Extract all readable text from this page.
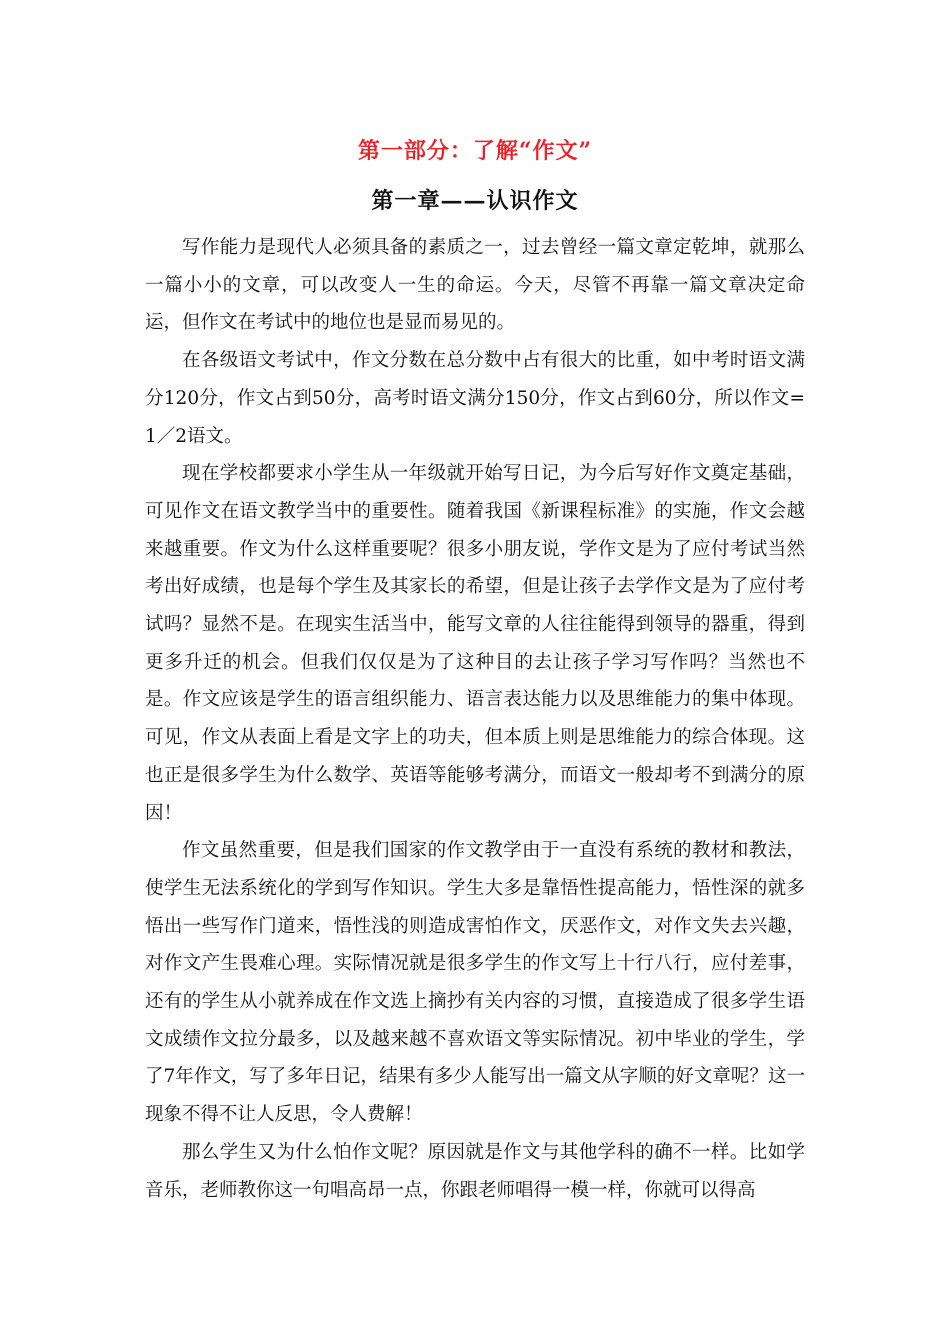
第一部分：了解“作文”
第一章——认识作文

写作能力是现代人必须具备的素质之一，过去曾经一篇文章定乾坤，就那么一篇小小的文章，可以改变人一生的命运。今天，尽管不再靠一篇文章决定命运，但作文在考试中的地位也是显而易见的。

在各级语文考试中，作文分数在总分数中占有很大的比重，如中考时语文满分120分，作文占到50分，高考时语文满分150分，作文占到60分，所以作文=1／2语文。

现在学校都要求小学生从一年级就开始写日记，为今后写好作文奠定基础，可见作文在语文教学当中的重要性。随着我国《新课程标准》的实施，作文会越来越重要。作文为什么这样重要呢？很多小朋友说，学作文是为了应付考试当然考出好成绩，也是每个学生及其家长的希望，但是让孩子去学作文是为了应付考试吗？显然不是。在现实生活当中，能写文章的人往往能得到领导的器重，得到更多升迁的机会。但我们仅仅是为了这种目的去让孩子学习写作吗？当然也不是。作文应该是学生的语言组织能力、语言表达能力以及思维能力的集中体现。可见，作文从表面上看是文字上的功夫，但本质上则是思维能力的综合体现。这也正是很多学生为什么数学、英语等能够考满分，而语文一般却考不到满分的原因！

作文虽然重要，但是我们国家的作文教学由于一直没有系统的教材和教法，使学生无法系统化的学到写作知识。学生大多是靠悟性提高能力，悟性深的就多悟出一些写作门道来，悟性浅的则造成害怕作文，厌恶作文，对作文失去兴趣，对作文产生畏难心理。实际情况就是很多学生的作文写上十行八行，应付差事，还有的学生从小就养成在作文选上摘抄有关内容的习惯，直接造成了很多学生语文成绩作文拉分最多，以及越来越不喜欢语文等实际情况。初中毕业的学生，学了7年作文，写了多年日记，结果有多少人能写出一篇文从字顺的好文章呢？这一现象不得不让人反思，令人费解！

那么学生又为什么怕作文呢？原因就是作文与其他学科的确不一样。比如学音乐，老师教你这一句唱高昂一点，你跟老师唱得一模一样，你就可以得高
